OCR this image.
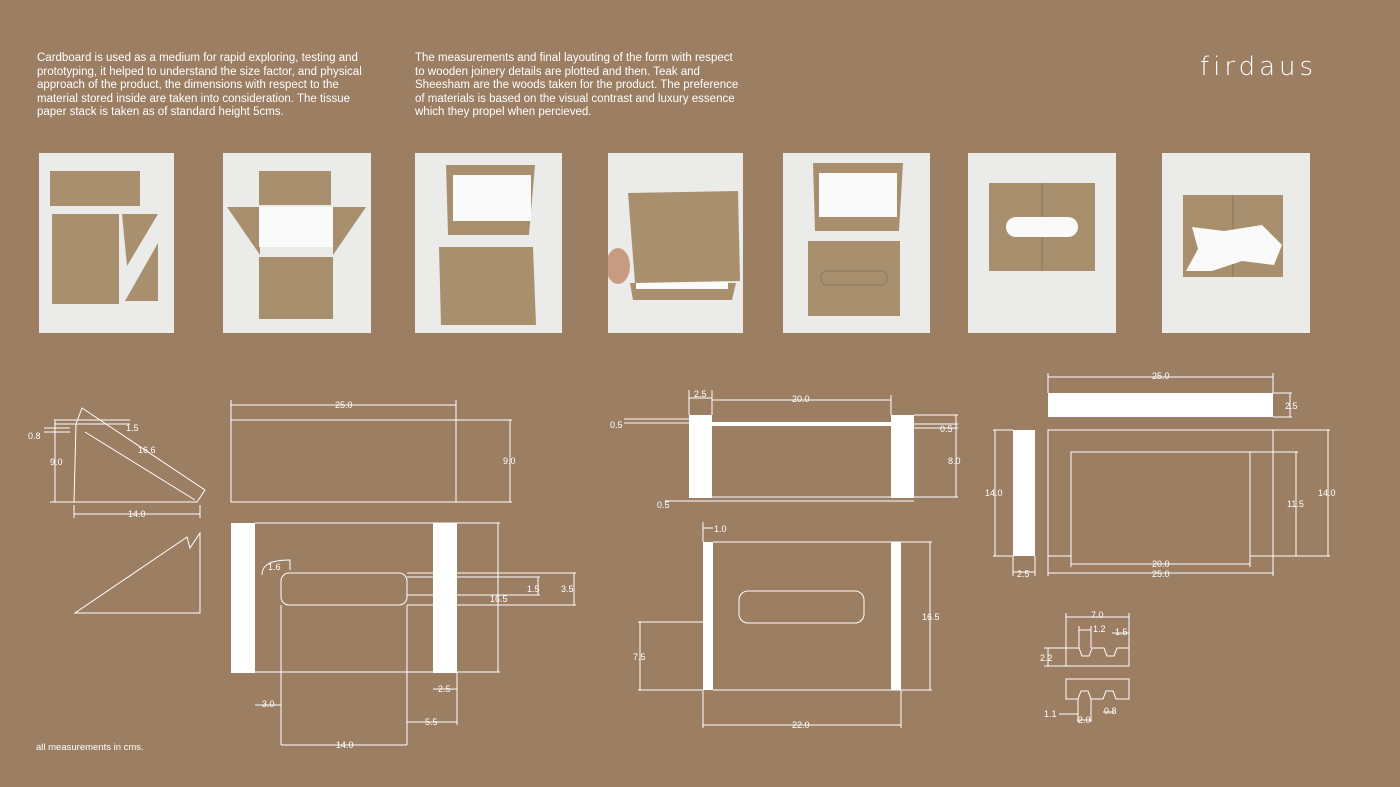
Cardboard is used as a medium for rapid exploring, testing and prototyping, it helped to understand the size factor, and physical approach of the product, the dimensions with respect to the material stored inside are taken into consideration. The tissue paper stack is taken as of standard height 5cms.
The measurements and final layouting of the form with respect to wooden joinery details are plotted and then. Teak and Sheesham are the woods taken for the product. The preference of materials is based on the visual contrast and luxury essence which they propel when percieved.
firdaus
all measurements in cms.
1.5
0.8
16.6
9.0
14.0
25.0
9.0
1.6
1.5 3.5
16.5
3.0
2.5
5.5
14.0
2.5	20.0
0.5	0.5
8.0
0.5
1.0
16.5
7.5
22.0
25.0
2.5
14.0	14.0
11.5
2.5
20.0
25.0
7.0
1.2 1.5
2.2
1.1
2.0
0.8
